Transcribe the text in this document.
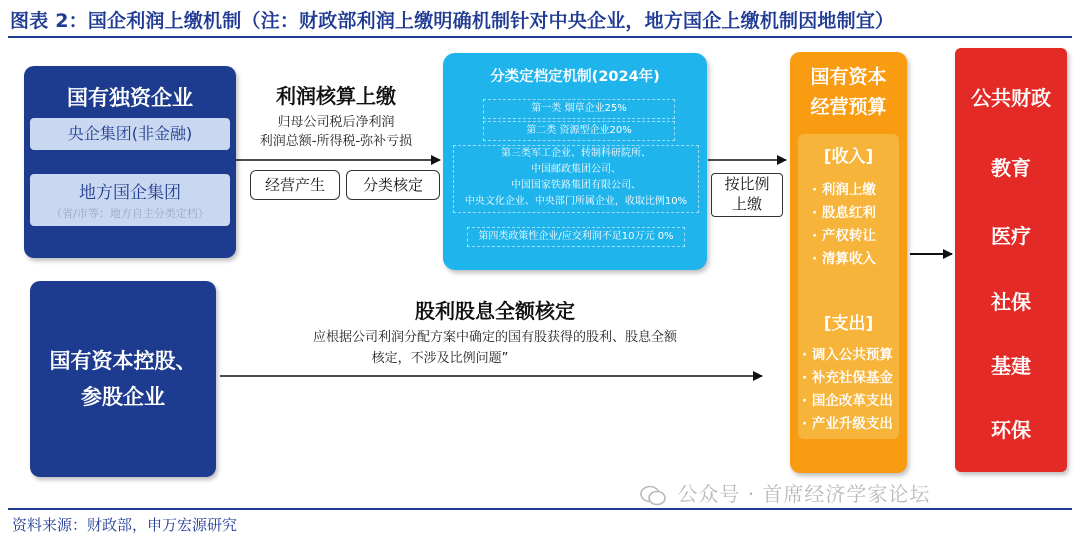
图表 2：国企利润上缴机制（注：财政部利润上缴明确机制针对中央企业，地方国企上缴机制因地制宜）
国有独资企业
央企集团(非金融)
地方国企集团
（省/市等：地方自主分类定档）
国有资本控股、
参股企业
利润核算上缴
归母公司税后净利润
利润总额-所得税-弥补亏损
经营产生	分类核定
分类定档定机制(2024年)
第一类 烟草企业25%
第二类 资源型企业20%
第三类军工企业、转制科研院所、
中国邮政集团公司、
中国国家铁路集团有限公司、
中央文化企业、中央部门所属企业，收取比例10%
第四类政策性企业/应交利润不足10万元 0%
按比例
上缴
股利股息全额核定
应根据公司利润分配方案中确定的国有股获得的股利、股息全额
核定，不涉及比例问题”
国有资本
经营预算
[收入]
· 利润上缴
· 股息红利
· 产权转让
· 清算收入
[支出]
· 调入公共预算
· 补充社保基金
· 国企改革支出
· 产业升级支出
公共财政
教育
医疗
社保
基建
环保
公众号 · 首席经济学家论坛
资料来源：财政部，申万宏源研究
